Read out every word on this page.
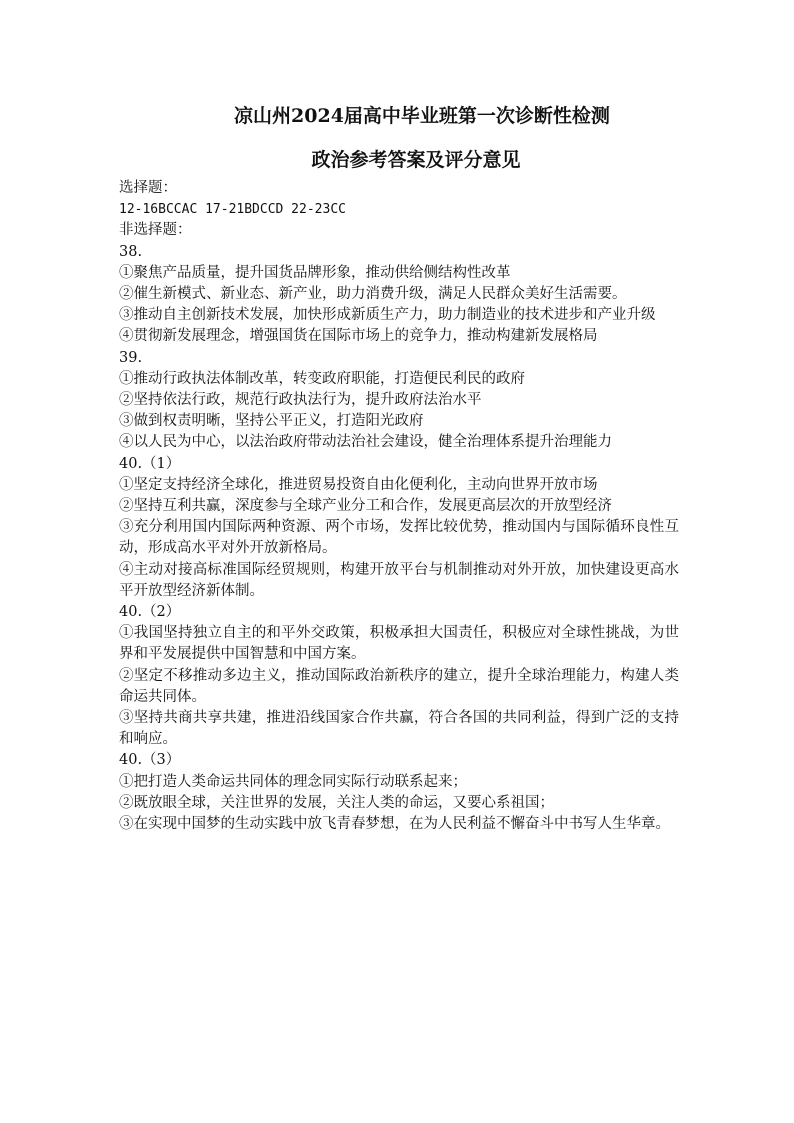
凉山州2024届高中毕业班第一次诊断性检测
政治参考答案及评分意见
选择题：
12-16BCCAC 17-21BDCCD 22-23CC
非选择题：
38.
①聚焦产品质量，提升国货品牌形象，推动供给侧结构性改革
②催生新模式、新业态、新产业，助力消费升级，满足人民群众美好生活需要。
③推动自主创新技术发展，加快形成新质生产力，助力制造业的技术进步和产业升级
④贯彻新发展理念，增强国货在国际市场上的竞争力，推动构建新发展格局
39.
①推动行政执法体制改革，转变政府职能，打造便民利民的政府
②坚持依法行政，规范行政执法行为，提升政府法治水平
③做到权责明晰，坚持公平正义，打造阳光政府
④以人民为中心，以法治政府带动法治社会建设，健全治理体系提升治理能力
40.（1）
①坚定支持经济全球化，推进贸易投资自由化便利化，主动向世界开放市场
②坚持互利共赢，深度参与全球产业分工和合作，发展更高层次的开放型经济
③充分利用国内国际两种资源、两个市场，发挥比较优势，推动国内与国际循环良性互动，形成高水平对外开放新格局。
④主动对接高标准国际经贸规则，构建开放平台与机制推动对外开放，加快建设更高水平开放型经济新体制。
40.（2）
①我国坚持独立自主的和平外交政策，积极承担大国责任，积极应对全球性挑战，为世界和平发展提供中国智慧和中国方案。
②坚定不移推动多边主义，推动国际政治新秩序的建立，提升全球治理能力，构建人类命运共同体。
③坚持共商共享共建，推进沿线国家合作共赢，符合各国的共同利益，得到广泛的支持和响应。
40.（3）
①把打造人类命运共同体的理念同实际行动联系起来；
②既放眼全球，关注世界的发展，关注人类的命运，又要心系祖国；
③在实现中国梦的生动实践中放飞青春梦想，在为人民利益不懈奋斗中书写人生华章。
